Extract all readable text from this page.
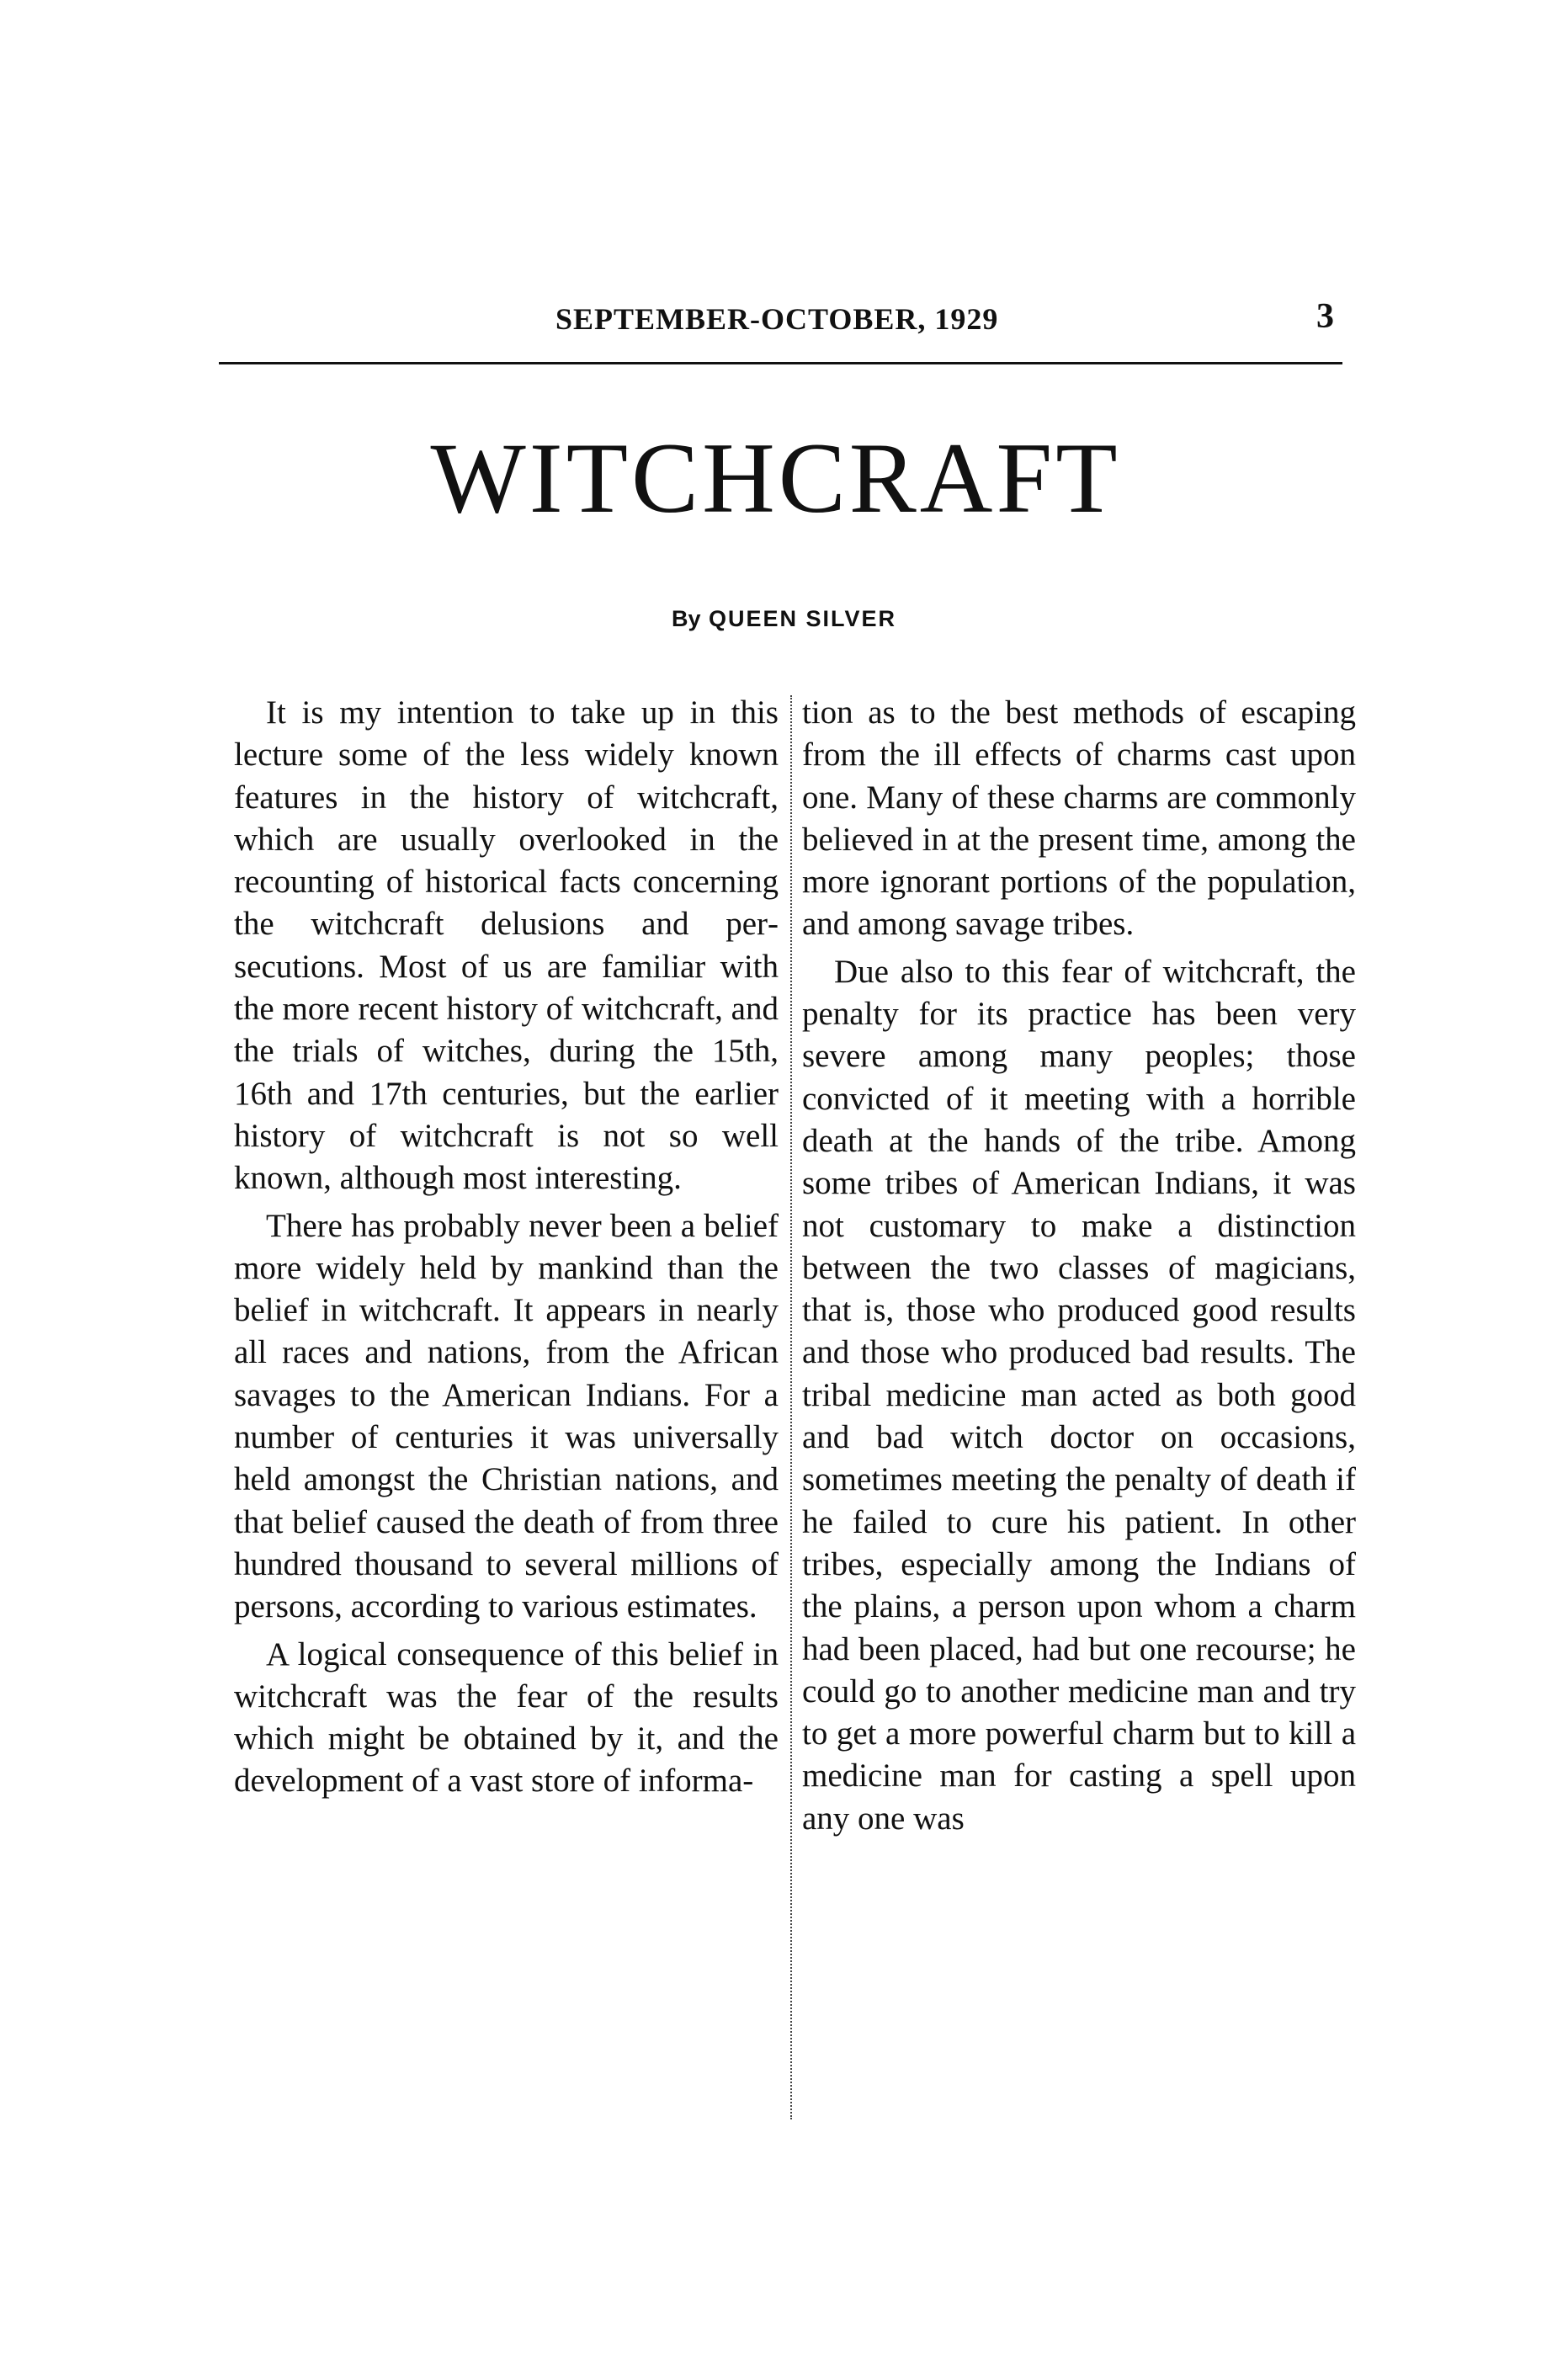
SEPTEMBER-OCTOBER, 1929	3
WITCHCRAFT
By QUEEN SILVER

It is my intention to take up in this lecture some of the less widely known features in the history of witchcraft, which are usually overlooked in the recounting of historical facts concerning the witchcraft delusions and persecutions. Most of us are familiar with the more recent history of witchcraft, and the trials of witches, during the 15th, 16th and 17th centuries, but the earlier history of witchcraft is not so well known, although most interesting.

There has probably never been a belief more widely held by mankind than the belief in witchcraft. It appears in nearly all races and nations, from the African savages to the American Indians. For a number of centuries it was universally held amongst the Christian nations, and that belief caused the death of from three hundred thousand to several millions of persons, according to various estimates.

A logical consequence of this belief in witchcraft was the fear of the results which might be obtained by it, and the development of a vast store of informa-

tion as to the best methods of escaping from the ill effects of charms cast upon one. Many of these charms are commonly believed in at the present time, among the more ignorant portions of the population, and among savage tribes.

Due also to this fear of witchcraft, the penalty for its practice has been very severe among many peoples; those convicted of it meeting with a horrible death at the hands of the tribe. Among some tribes of American Indians, it was not customary to make a distinction between the two classes of magicians, that is, those who produced good results and those who produced bad results. The tribal medicine man acted as both good and bad witch doctor on occasions, sometimes meeting the penalty of death if he failed to cure his patient. In other tribes, especially among the Indians of the plains, a person upon whom a charm had been placed, had but one recourse; he could go to another medicine man and try to get a more powerful charm but to kill a medicine man for casting a spell upon any one was
